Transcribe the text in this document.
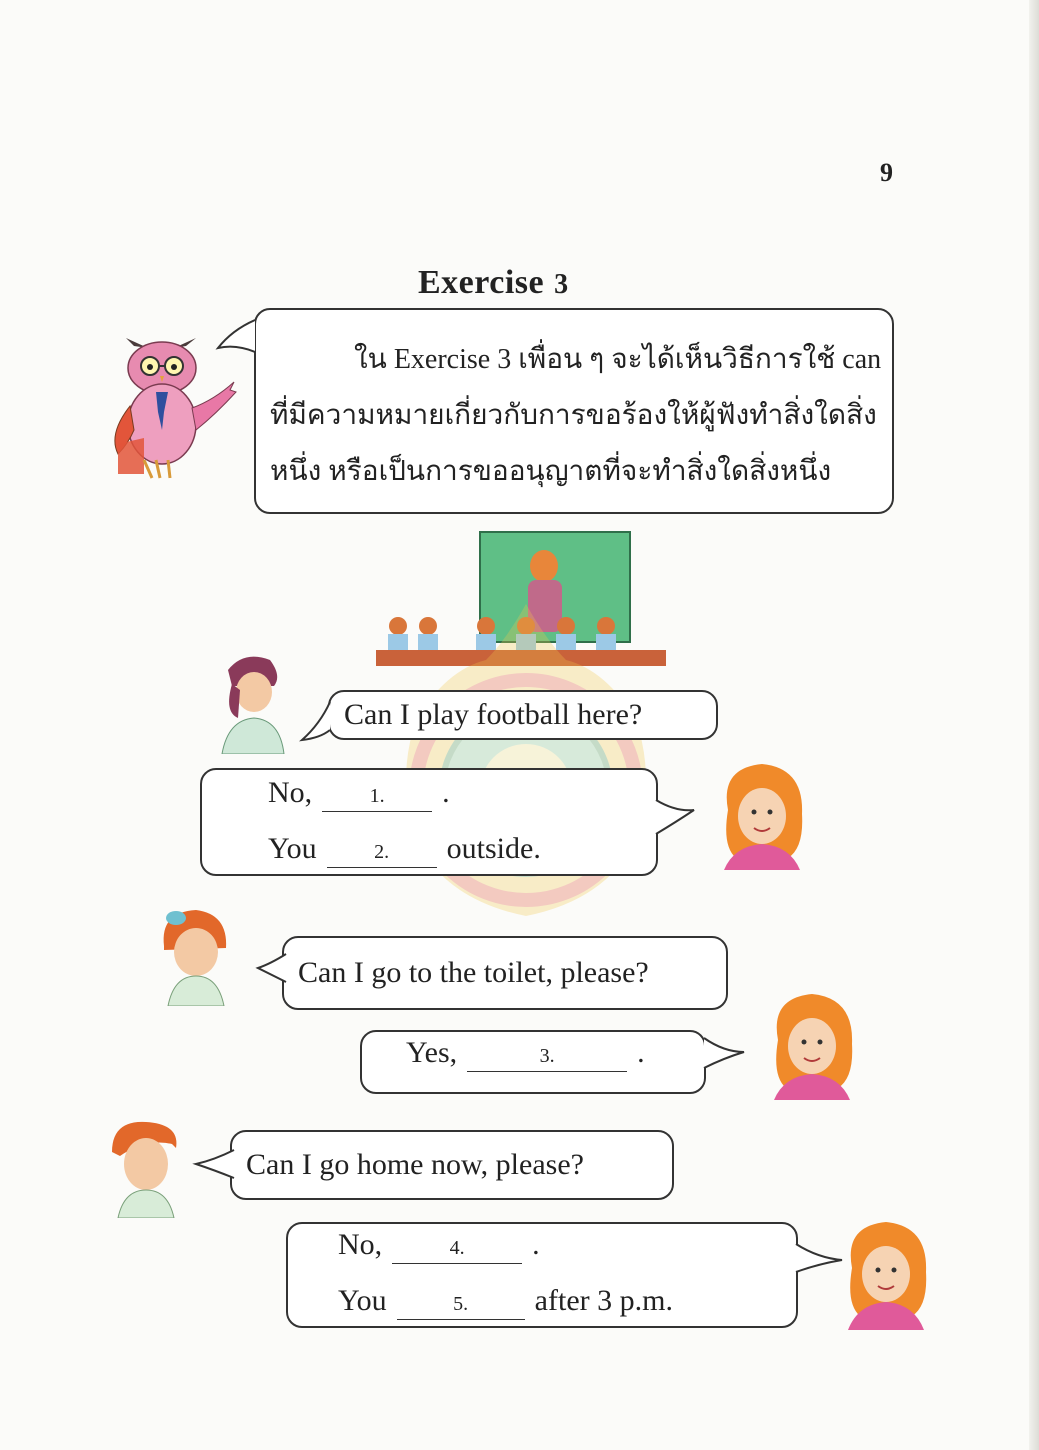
9
Exercise 3
ใน Exercise 3 เพื่อน ๆ จะได้เห็นวิธีการใช้ can
ที่มีความหมายเกี่ยวกับการขอร้องให้ผู้ฟังทำสิ่งใดสิ่ง
หนึ่ง หรือเป็นการขออนุญาตที่จะทำสิ่งใดสิ่งหนึ่ง
Can I play football here?
No,	1.	.
You	2.	outside.
Can I go to the toilet, please?
Yes,	3.	.
Can I go home now, please?
No,	4.	.
You	5.	after 3 p.m.
